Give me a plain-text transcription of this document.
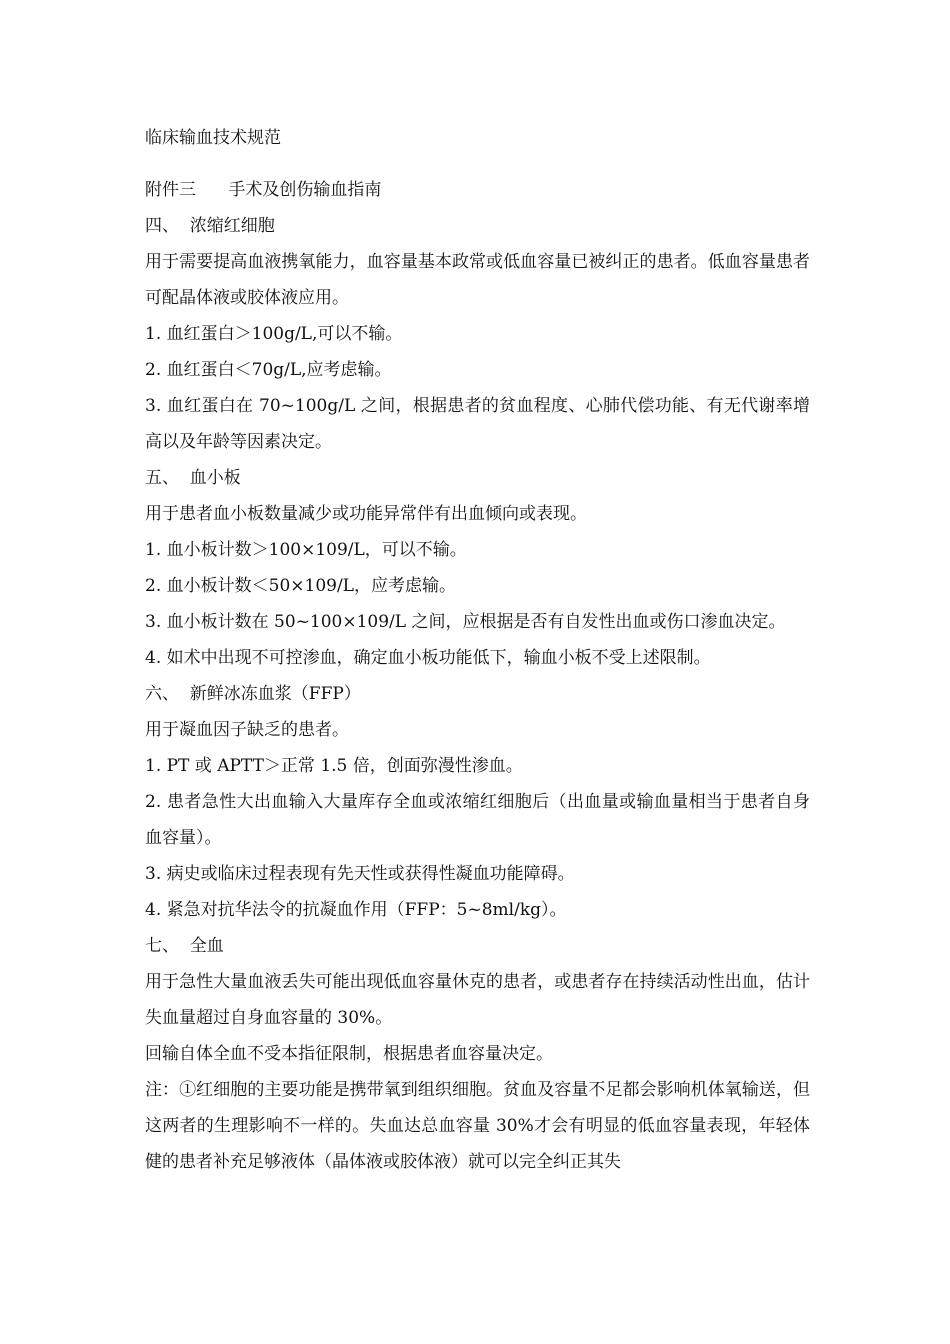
临床输血技术规范
附件三      手术及创伤输血指南
四、  浓缩红细胞

用于需要提高血液携氧能力，血容量基本政常或低血容量已被纠正的患者。低血容量患者可配晶体液或胶体液应用。

1. 血红蛋白＞100g/L,可以不输。

2. 血红蛋白＜70g/L,应考虑输。

3. 血红蛋白在 70~100g/L 之间，根据患者的贫血程度、心肺代偿功能、有无代谢率增高以及年龄等因素决定。

五、  血小板

用于患者血小板数量减少或功能异常伴有出血倾向或表现。

1. 血小板计数＞100×109/L，可以不输。

2. 血小板计数＜50×109/L，应考虑输。

3. 血小板计数在 50~100×109/L 之间，应根据是否有自发性出血或伤口渗血决定。

4. 如术中出现不可控渗血，确定血小板功能低下，输血小板不受上述限制。

六、  新鲜冰冻血浆（FFP）

用于凝血因子缺乏的患者。

1. PT 或 APTT＞正常 1.5 倍，创面弥漫性渗血。

2. 患者急性大出血输入大量库存全血或浓缩红细胞后（出血量或输血量相当于患者自身血容量）。

3. 病史或临床过程表现有先天性或获得性凝血功能障碍。

4. 紧急对抗华法令的抗凝血作用（FFP：5~8ml/kg）。

七、  全血

用于急性大量血液丢失可能出现低血容量休克的患者，或患者存在持续活动性出血，估计失血量超过自身血容量的 30%。

回输自体全血不受本指征限制，根据患者血容量决定。

注：①红细胞的主要功能是携带氧到组织细胞。贫血及容量不足都会影响机体氧输送，但这两者的生理影响不一样的。失血达总血容量 30%才会有明显的低血容量表现，年轻体健的患者补充足够液体（晶体液或胶体液）就可以完全纠正其失
